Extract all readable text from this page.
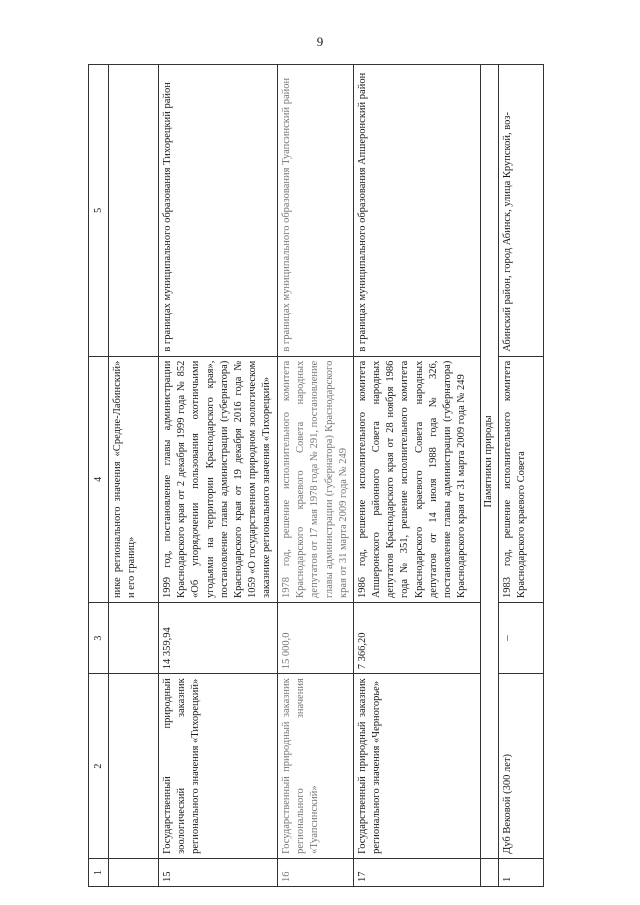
9
1	2	3	4	5
			нике регионального значения «Средне-Лабинский» и его границ»	
15	Государственный природный зоологический заказник регионального значения «Тихорецкий»	14 359,94	1999 год, постановление главы администрации Краснодарского края от 2 декабря 1999 года № 852 «Об упорядочении пользования охотничьими угодьями на территории Краснодарского края», постановление главы администрации (губернатора) Краснодарского края от 19 декабря 2016 года № 1059 «О государственном природном зоологическом заказнике регионального значения «Тихорецкий»	в границах муниципального образования Тихорецкий район
16	Государственный природный заказник регионального значения «Туапсинский»	15 000,0	1978 год, решение исполнительного комитета Краснодарского краевого Совета народных депутатов от 17 мая 1978 года № 291, постановление главы администрации (губернатора) Краснодарского края от 31 марта 2009 года № 249	в границах муниципального образования Туапсинский район
17	Государственный природный заказник регионального значения «Черногорье»	7 366,20	1986 год, решение исполнительного комитета Апшеронского районного Совета народных депутатов Краснодарского края от 28 ноября 1986 года № 351, решение исполнительного комитета Краснодарского краевого Совета народных депутатов от 14 июля 1988 года № 326, постановление главы администрации (губернатора) Краснодарского края от 31 марта 2009 года № 249	в границах муниципального образования Апшеронский район
	Памятники природы			
1	Дуб Вековой (300 лет)	–	1983 год, решение исполнительного комитета Краснодарского краевого Совета	Абинский район, город Абинск, улица Крупской, воз-
